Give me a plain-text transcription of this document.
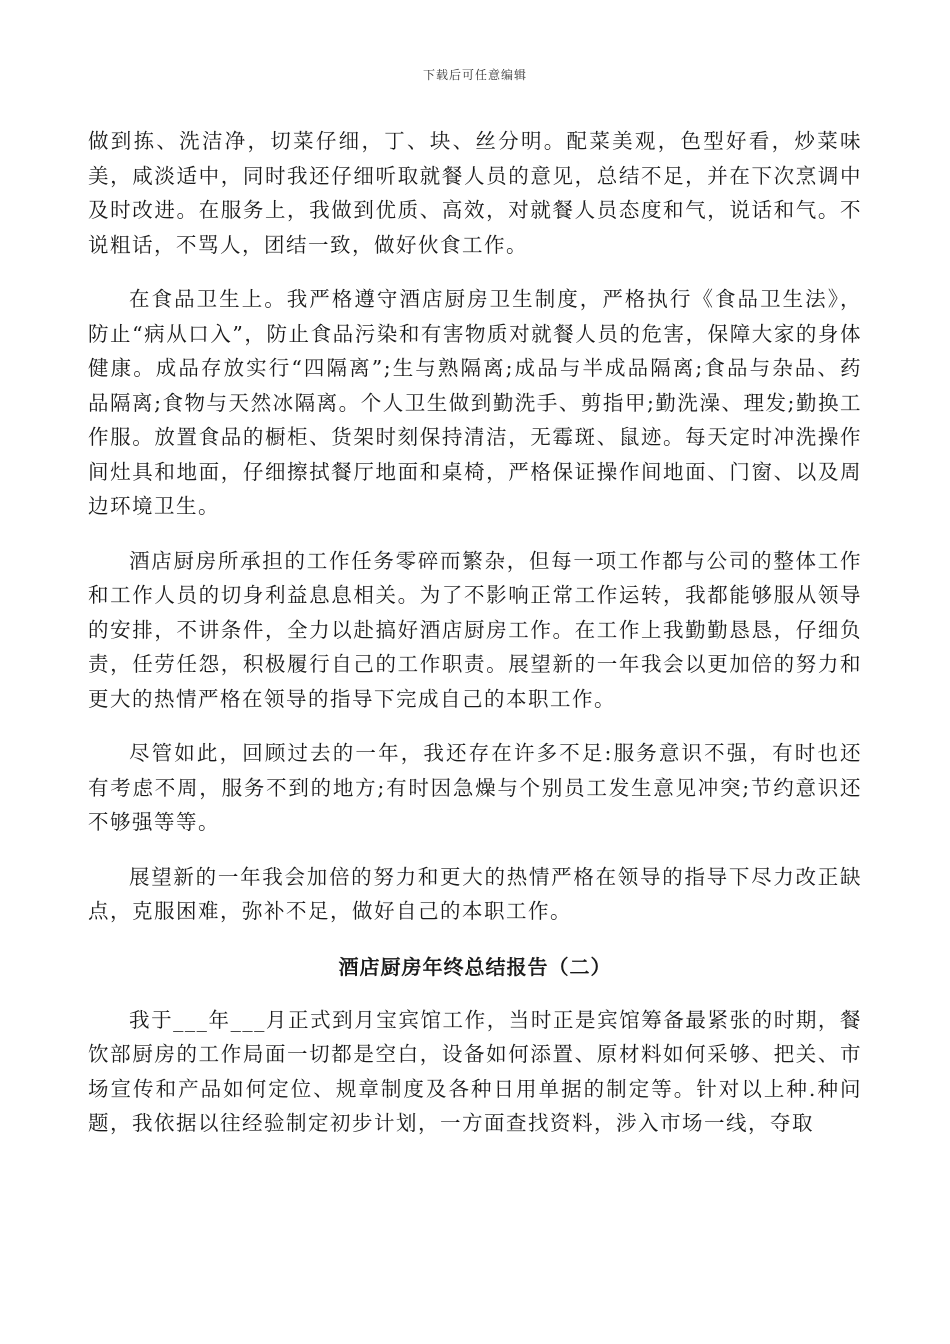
下载后可任意编辑

做到拣、洗洁净，切菜仔细，丁、块、丝分明。配菜美观，色型好看，炒菜味美，咸淡适中，同时我还仔细听取就餐人员的意见，总结不足，并在下次烹调中及时改进。在服务上，我做到优质、高效，对就餐人员态度和气，说话和气。不说粗话，不骂人，团结一致，做好伙食工作。

在食品卫生上。我严格遵守酒店厨房卫生制度，严格执行《食品卫生法》，防止“病从口入”，防止食品污染和有害物质对就餐人员的危害，保障大家的身体健康。成品存放实行“四隔离”;生与熟隔离;成品与半成品隔离;食品与杂品、药品隔离;食物与天然冰隔离。个人卫生做到勤洗手、剪指甲;勤洗澡、理发;勤换工作服。放置食品的橱柜、货架时刻保持清洁，无霉斑、鼠迹。每天定时冲洗操作间灶具和地面，仔细擦拭餐厅地面和桌椅，严格保证操作间地面、门窗、以及周边环境卫生。

酒店厨房所承担的工作任务零碎而繁杂，但每一项工作都与公司的整体工作和工作人员的切身利益息息相关。为了不影响正常工作运转，我都能够服从领导的安排，不讲条件，全力以赴搞好酒店厨房工作。在工作上我勤勤恳恳，仔细负责，任劳任怨，积极履行自己的工作职责。展望新的一年我会以更加倍的努力和更大的热情严格在领导的指导下完成自己的本职工作。

尽管如此，回顾过去的一年，我还存在许多不足:服务意识不强，有时也还有考虑不周，服务不到的地方;有时因急燥与个别员工发生意见冲突;节约意识还不够强等等。

展望新的一年我会加倍的努力和更大的热情严格在领导的指导下尽力改正缺点，克服困难，弥补不足，做好自己的本职工作。

酒店厨房年终总结报告（二）

我于___年___月正式到月宝宾馆工作，当时正是宾馆筹备最紧张的时期，餐饮部厨房的工作局面一切都是空白，设备如何添置、原材料如何采够、把关、市场宣传和产品如何定位、规章制度及各种日用单据的制定等。针对以上种.种问题，我依据以往经验制定初步计划，一方面查找资料，涉入市场一线，夺取
